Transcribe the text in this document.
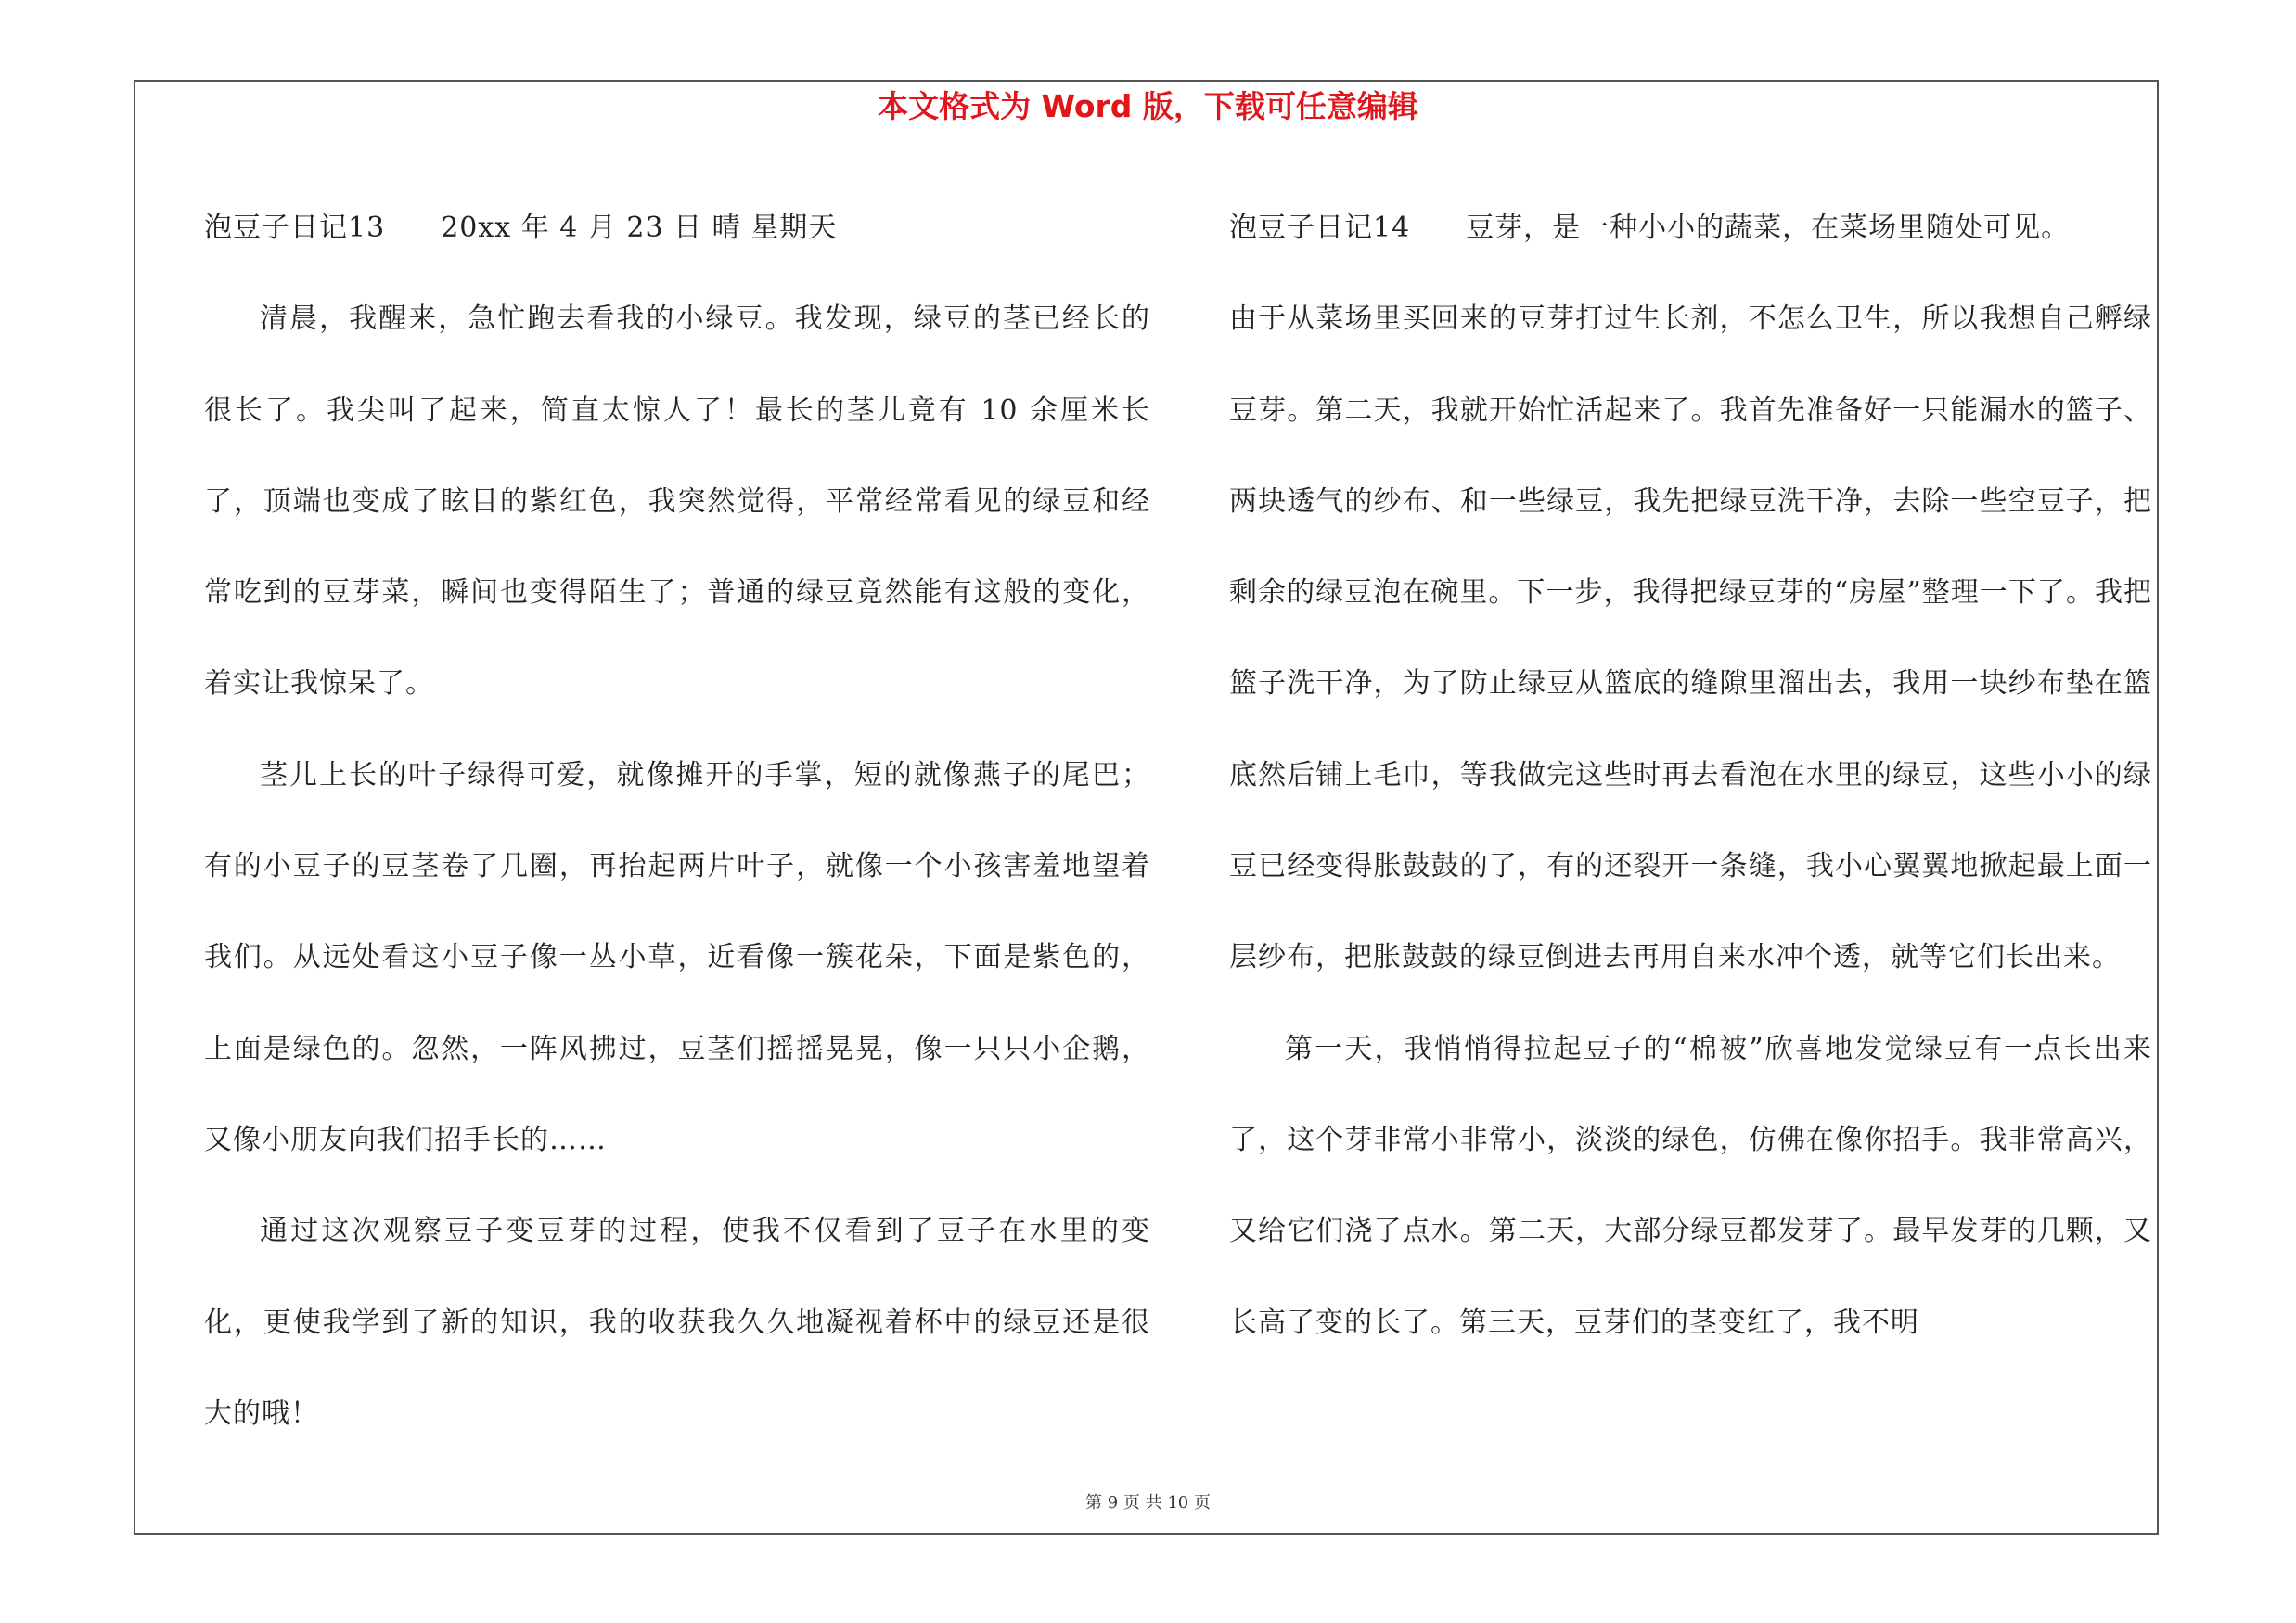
本文格式为 Word 版，下载可任意编辑

泡豆子日记13 20xx 年 4 月 23 日 晴 星期天

清晨，我醒来，急忙跑去看我的小绿豆。我发现，绿豆的茎已经长的很长了。我尖叫了起来，简直太惊人了！最长的茎儿竟有 10 余厘米长了，顶端也变成了眩目的紫红色，我突然觉得，平常经常看见的绿豆和经常吃到的豆芽菜，瞬间也变得陌生了；普通的绿豆竟然能有这般的变化，着实让我惊呆了。

茎儿上长的叶子绿得可爱，就像摊开的手掌，短的就像燕子的尾巴；有的小豆子的豆茎卷了几圈，再抬起两片叶子，就像一个小孩害羞地望着我们。从远处看这小豆子像一丛小草，近看像一簇花朵，下面是紫色的，上面是绿色的。忽然，一阵风拂过，豆茎们摇摇晃晃，像一只只小企鹅，又像小朋友向我们招手长的……

通过这次观察豆子变豆芽的过程，使我不仅看到了豆子在水里的变化，更使我学到了新的知识，我的收获我久久地凝视着杯中的绿豆还是很大的哦！

泡豆子日记14 豆芽，是一种小小的蔬菜，在菜场里随处可见。

由于从菜场里买回来的豆芽打过生长剂，不怎么卫生，所以我想自己孵绿豆芽。第二天，我就开始忙活起来了。我首先准备好一只能漏水的篮子、两块透气的纱布、和一些绿豆，我先把绿豆洗干净，去除一些空豆子，把剩余的绿豆泡在碗里。下一步，我得把绿豆芽的“房屋”整理一下了。我把篮子洗干净，为了防止绿豆从篮底的缝隙里溜出去，我用一块纱布垫在篮底然后铺上毛巾，等我做完这些时再去看泡在水里的绿豆，这些小小的绿豆已经变得胀鼓鼓的了，有的还裂开一条缝，我小心翼翼地掀起最上面一层纱布，把胀鼓鼓的绿豆倒进去再用自来水冲个透，就等它们长出来。

第一天，我悄悄得拉起豆子的“棉被”欣喜地发觉绿豆有一点长出来了，这个芽非常小非常小，淡淡的绿色，仿佛在像你招手。我非常高兴，又给它们浇了点水。第二天，大部分绿豆都发芽了。最早发芽的几颗，又长高了变的长了。第三天，豆芽们的茎变红了，我不明

第 9 页 共 10 页
